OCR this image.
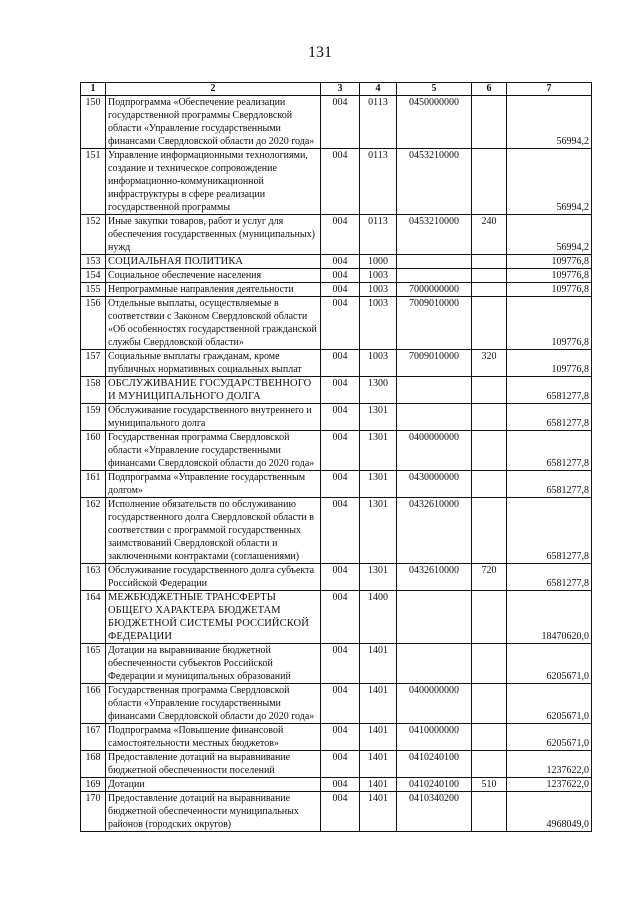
131
1	2	3	4	5	6	7
150	Подпрограмма «Обеспечение реализации государственной программы Свердловской области «Управление государственными финансами Свердловской области до 2020 года»	004	0113	0450000000		56994,2
151	Управление информационными технологиями, создание и техническое сопровождение информационно-коммуникационной инфраструктуры в сфере реализации государственной программы	004	0113	0453210000		56994,2
152	Иные закупки товаров, работ и услуг для обеспечения государственных (муниципальных) нужд	004	0113	0453210000	240	56994,2
153	СОЦИАЛЬНАЯ ПОЛИТИКА	004	1000			109776,8
154	Социальное обеспечение населения	004	1003			109776,8
155	Непрограммные направления деятельности	004	1003	7000000000		109776,8
156	Отдельные выплаты, осуществляемые в соответствии с Законом Свердловской области «Об особенностях государственной гражданской службы Свердловской области»	004	1003	7009010000		109776,8
157	Социальные выплаты гражданам, кроме публичных нормативных социальных выплат	004	1003	7009010000	320	109776,8
158	ОБСЛУЖИВАНИЕ ГОСУДАРСТВЕННОГО И МУНИЦИПАЛЬНОГО ДОЛГА	004	1300			6581277,8
159	Обслуживание государственного внутреннего и муниципального долга	004	1301			6581277,8
160	Государственная программа Свердловской области «Управление государственными финансами Свердловской области до 2020 года»	004	1301	0400000000		6581277,8
161	Подпрограмма «Управление государственным долгом»	004	1301	0430000000		6581277,8
162	Исполнение обязательств по обслуживанию государственного долга Свердловской области в соответствии с программой государственных заимствований Свердловской области и заключенными контрактами (соглашениями)	004	1301	0432610000		6581277,8
163	Обслуживание государственного долга субъекта Российской Федерации	004	1301	0432610000	720	6581277,8
164	МЕЖБЮДЖЕТНЫЕ ТРАНСФЕРТЫ ОБЩЕГО ХАРАКТЕРА БЮДЖЕТАМ БЮДЖЕТНОЙ СИСТЕМЫ РОССИЙСКОЙ ФЕДЕРАЦИИ	004	1400			18470620,0
165	Дотации на выравнивание бюджетной обеспеченности субъектов Российской Федерации и муниципальных образований	004	1401			6205671,0
166	Государственная программа Свердловской области «Управление государственными финансами Свердловской области до 2020 года»	004	1401	0400000000		6205671,0
167	Подпрограмма «Повышение финансовой самостоятельности местных бюджетов»	004	1401	0410000000		6205671,0
168	Предоставление дотаций на выравнивание бюджетной обеспеченности поселений	004	1401	0410240100		1237622,0
169	Дотации	004	1401	0410240100	510	1237622,0
170	Предоставление дотаций на выравнивание бюджетной обеспеченности муниципальных районов (городских округов)	004	1401	0410340200		4968049,0
